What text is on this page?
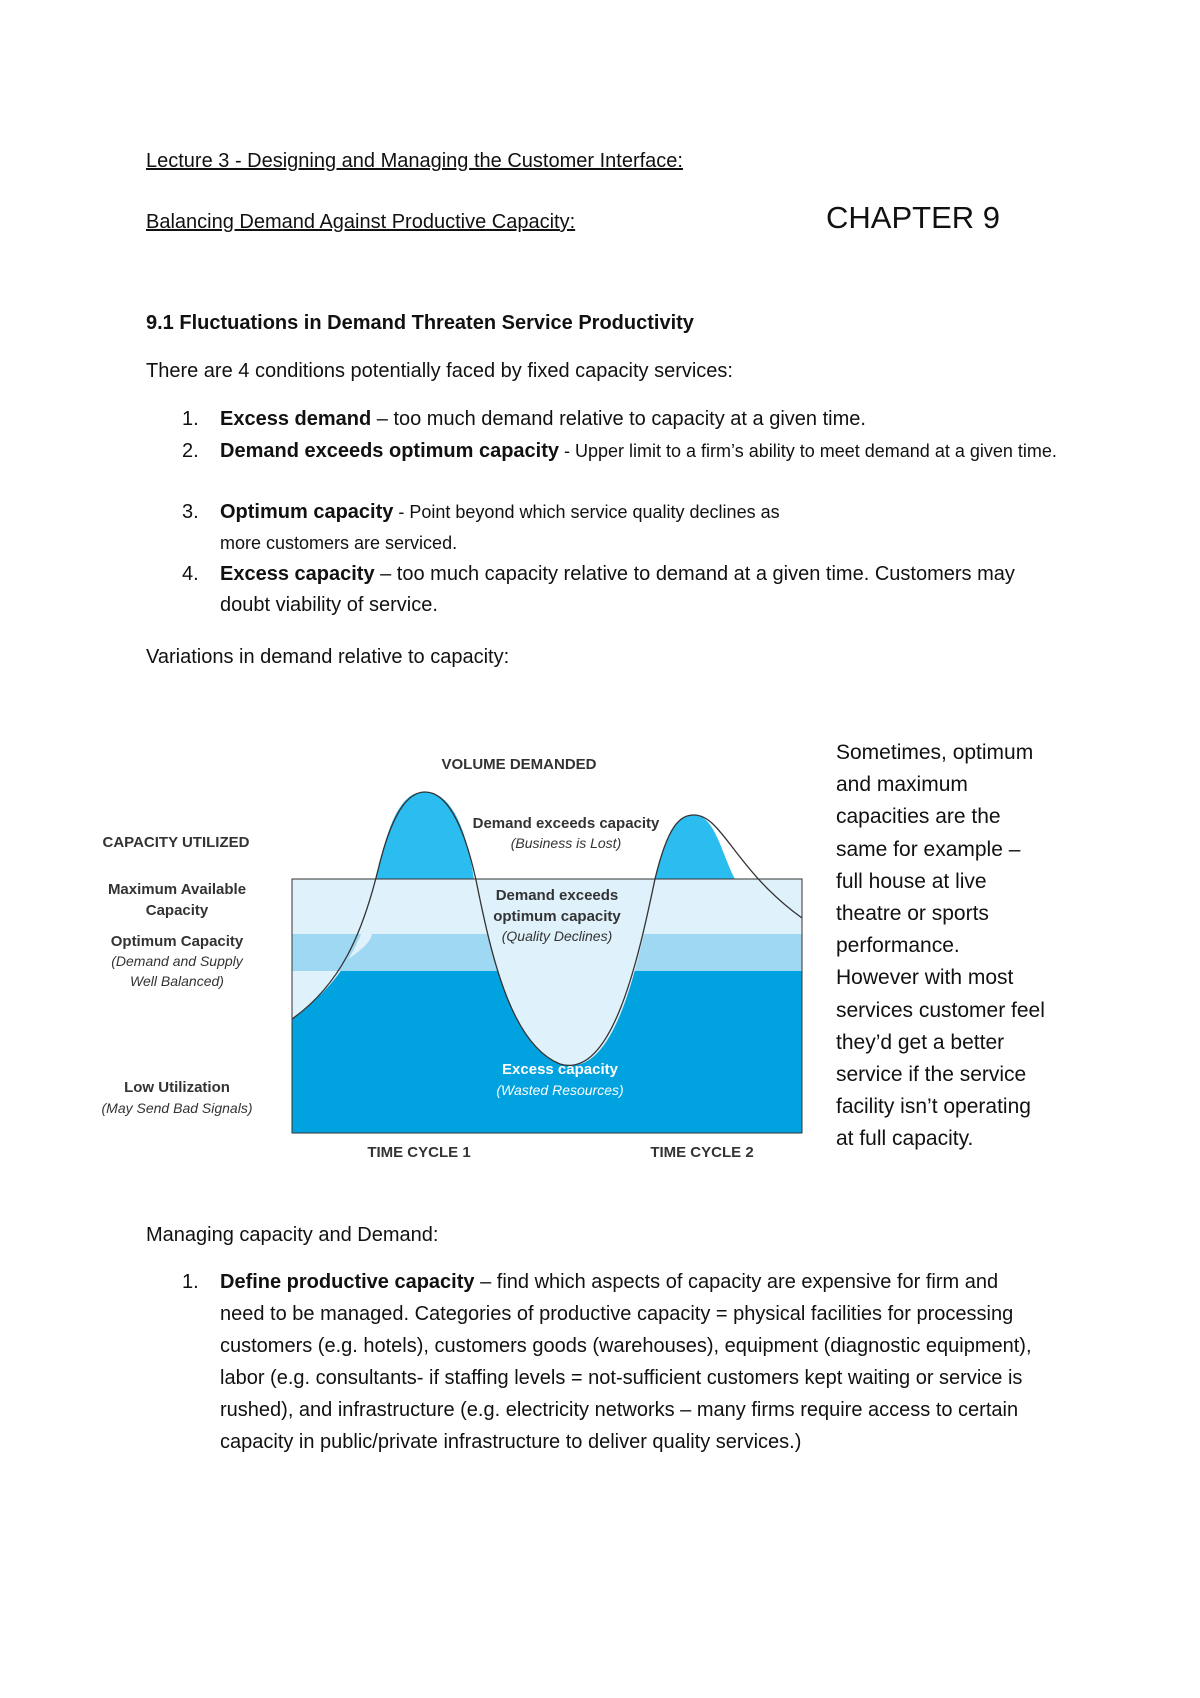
Lecture 3 - Designing and Managing the Customer Interface:
Balancing Demand Against Productive Capacity:	CHAPTER 9
9.1 Fluctuations in Demand Threaten Service Productivity
There are 4 conditions potentially faced by fixed capacity services:
1.	Excess demand – too much demand relative to capacity at a given time.
2.	Demand exceeds optimum capacity - Upper limit to a firm’s ability to meet demand at a given time.
3.	Optimum capacity - Point beyond which service quality declines as more customers are serviced.
4.	Excess capacity – too much capacity relative to demand at a given time. Customers may doubt viability of service.
Variations in demand relative to capacity:
VOLUME DEMANDED
CAPACITY UTILIZED
Maximum Available
Capacity
Optimum Capacity
(Demand and Supply
Well Balanced)
Low Utilization
(May Send Bad Signals)
Demand exceeds capacity
(Business is Lost)
Demand exceeds
optimum capacity
(Quality Declines)
Excess capacity
(Wasted Resources)
TIME CYCLE 1	TIME CYCLE 2
Sometimes, optimum
and maximum
capacities are the
same for example –
full house at live
theatre or sports
performance.
However with most
services customer feel
they’d get a better
service if the service
facility isn’t operating
at full capacity.
Managing capacity and Demand:
1.	Define productive capacity – find which aspects of capacity are expensive for firm and need to be managed. Categories of productive capacity = physical facilities for processing customers (e.g. hotels), customers goods (warehouses), equipment (diagnostic equipment), labor (e.g. consultants- if staffing levels = not-sufficient customers kept waiting or service is rushed), and infrastructure (e.g. electricity networks – many firms require access to certain capacity in public/private infrastructure to deliver quality services.)
